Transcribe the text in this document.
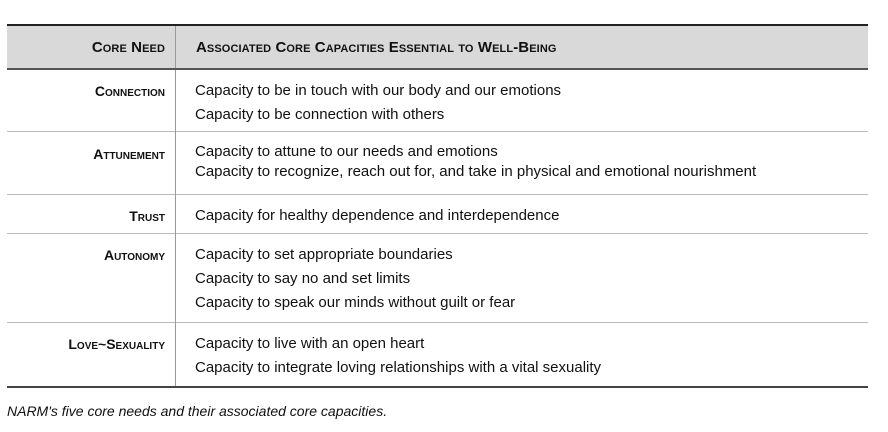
Core Need	Associated Core Capacities Essential to Well-Being
Connection	Capacity to be in touch with our body and our emotions
Capacity to be connection with others

Attunement	Capacity to attune to our needs and emotions
Capacity to recognize, reach out for, and take in physical and emotional nourishment

Trust	Capacity for healthy dependence and interdependence

Autonomy	Capacity to set appropriate boundaries
Capacity to say no and set limits
Capacity to speak our minds without guilt or fear

Love~Sexuality	Capacity to live with an open heart
Capacity to integrate loving relationships with a vital sexuality
NARM's five core needs and their associated core capacities.
